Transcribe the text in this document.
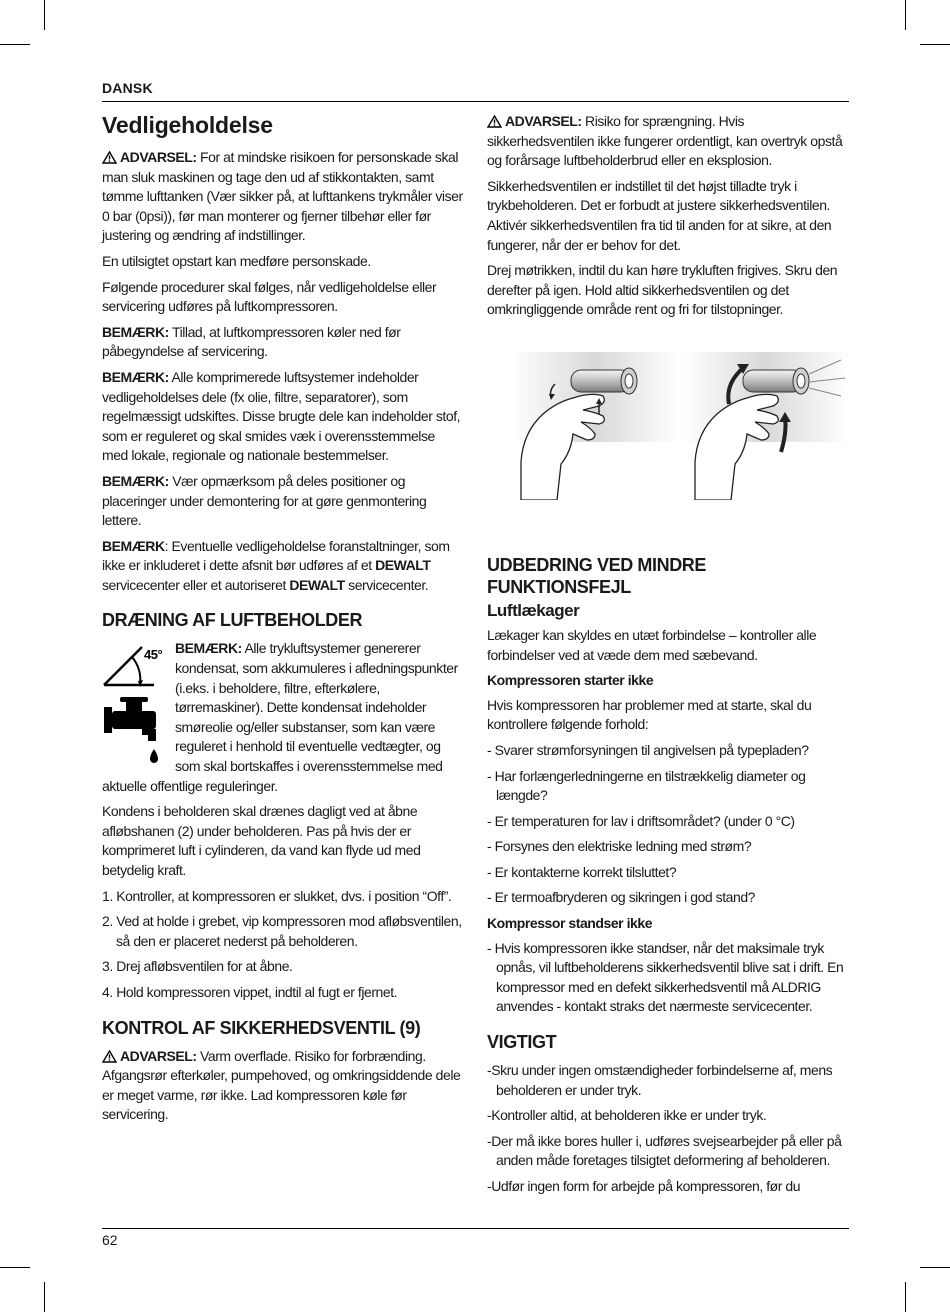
DANSK
Vedligeholdelse

ADVARSEL: For at mindske risikoen for personskade skal man sluk maskinen og tage den ud af stikkontakten, samt tømme lufttanken (Vær sikker på, at lufttankens trykmåler viser 0 bar (0psi)), før man monterer og fjerner tilbehør eller før justering og ændring af indstillinger.

En utilsigtet opstart kan medføre personskade.

Følgende procedurer skal følges, når vedligeholdelse eller servicering udføres på luftkompressoren.

BEMÆRK: Tillad, at luftkompressoren køler ned før påbegyndelse af servicering.

BEMÆRK: Alle komprimerede luftsystemer indeholder vedligeholdelses dele (fx olie, filtre, separatorer), som regelmæssigt udskiftes. Disse brugte dele kan indeholder stof, som er reguleret og skal smides væk i overensstemmelse med lokale, regionale og nationale bestemmelser.

BEMÆRK: Vær opmærksom på deles positioner og placeringer under demontering for at gøre genmontering lettere.

BEMÆRK: Eventuelle vedligeholdelse foranstaltninger, som ikke er inkluderet i dette afsnit bør udføres af et DEWALT servicecenter eller et autoriseret DEWALT servicecenter.

DRÆNING AF LUFTBEHOLDER
45° BEMÆRK: Alle trykluftsystemer genererer kondensat, som akkumuleres i afledningspunkter (i.eks. i beholdere, filtre, efterkølere, tørremaskiner). Dette kondensat indeholder smøreolie og/eller substanser, som kan være reguleret i henhold til eventuelle vedtægter, og som skal bortskaffes i overensstemmelse med aktuelle offentlige reguleringer.

Kondens i beholderen skal drænes dagligt ved at åbne afløbshanen (2) under beholderen. Pas på hvis der er komprimeret luft i cylinderen, da vand kan flyde ud med betydelig kraft.

1. Kontroller, at kompressoren er slukket, dvs. i position “Off”.
2. Ved at holde i grebet, vip kompressoren mod afløbsventilen, så den er placeret nederst på beholderen.
3. Drej afløbsventilen for at åbne.
4. Hold kompressoren vippet, indtil al fugt er fjernet.
KONTROL AF SIKKERHEDSVENTIL (9)

ADVARSEL: Varm overflade. Risiko for forbrænding. Afgangsrør efterkøler, pumpehoved, og omkringsiddende dele er meget varme, rør ikke. Lad kompressoren køle før servicering.

ADVARSEL: Risiko for sprængning. Hvis sikkerhedsventilen ikke fungerer ordentligt, kan overtryk opstå og forårsage luftbeholderbrud eller en eksplosion.

Sikkerhedsventilen er indstillet til det højst tilladte tryk i trykbeholderen. Det er forbudt at justere sikkerhedsventilen. Aktivér sikkerhedsventilen fra tid til anden for at sikre, at den fungerer, når der er behov for det.

Drej møtrikken, indtil du kan høre trykluften frigives. Skru den derefter på igen. Hold altid sikkerhedsventilen og det omkringliggende område rent og fri for tilstopninger.

UDBEDRING VED MINDRE FUNKTIONSFEJL
Luftlækager

Lækager kan skyldes en utæt forbindelse – kontroller alle forbindelser ved at væde dem med sæbevand.

Kompressoren starter ikke

Hvis kompressoren har problemer med at starte, skal du kontrollere følgende forhold:

- Svarer strømforsyningen til angivelsen på typepladen?
- Har forlængerledningerne en tilstrækkelig diameter og længde?
- Er temperaturen for lav i driftsområdet? (under 0 °C)
- Forsynes den elektriske ledning med strøm?
- Er kontakterne korrekt tilsluttet?
- Er termoafbryderen og sikringen i god stand?
Kompressor standser ikke
- Hvis kompressoren ikke standser, når det maksimale tryk opnås, vil luftbeholderens sikkerhedsventil blive sat i drift. En kompressor med en defekt sikkerhedsventil må ALDRIG anvendes - kontakt straks det nærmeste servicecenter.
VIGTIGT
-Skru under ingen omstændigheder forbindelserne af, mens beholderen er under tryk.
-Kontroller altid, at beholderen ikke er under tryk.
-Der må ikke bores huller i, udføres svejsearbejder på eller på anden måde foretages tilsigtet deformering af beholderen.
-Udfør ingen form for arbejde på kompressoren, før du
62
